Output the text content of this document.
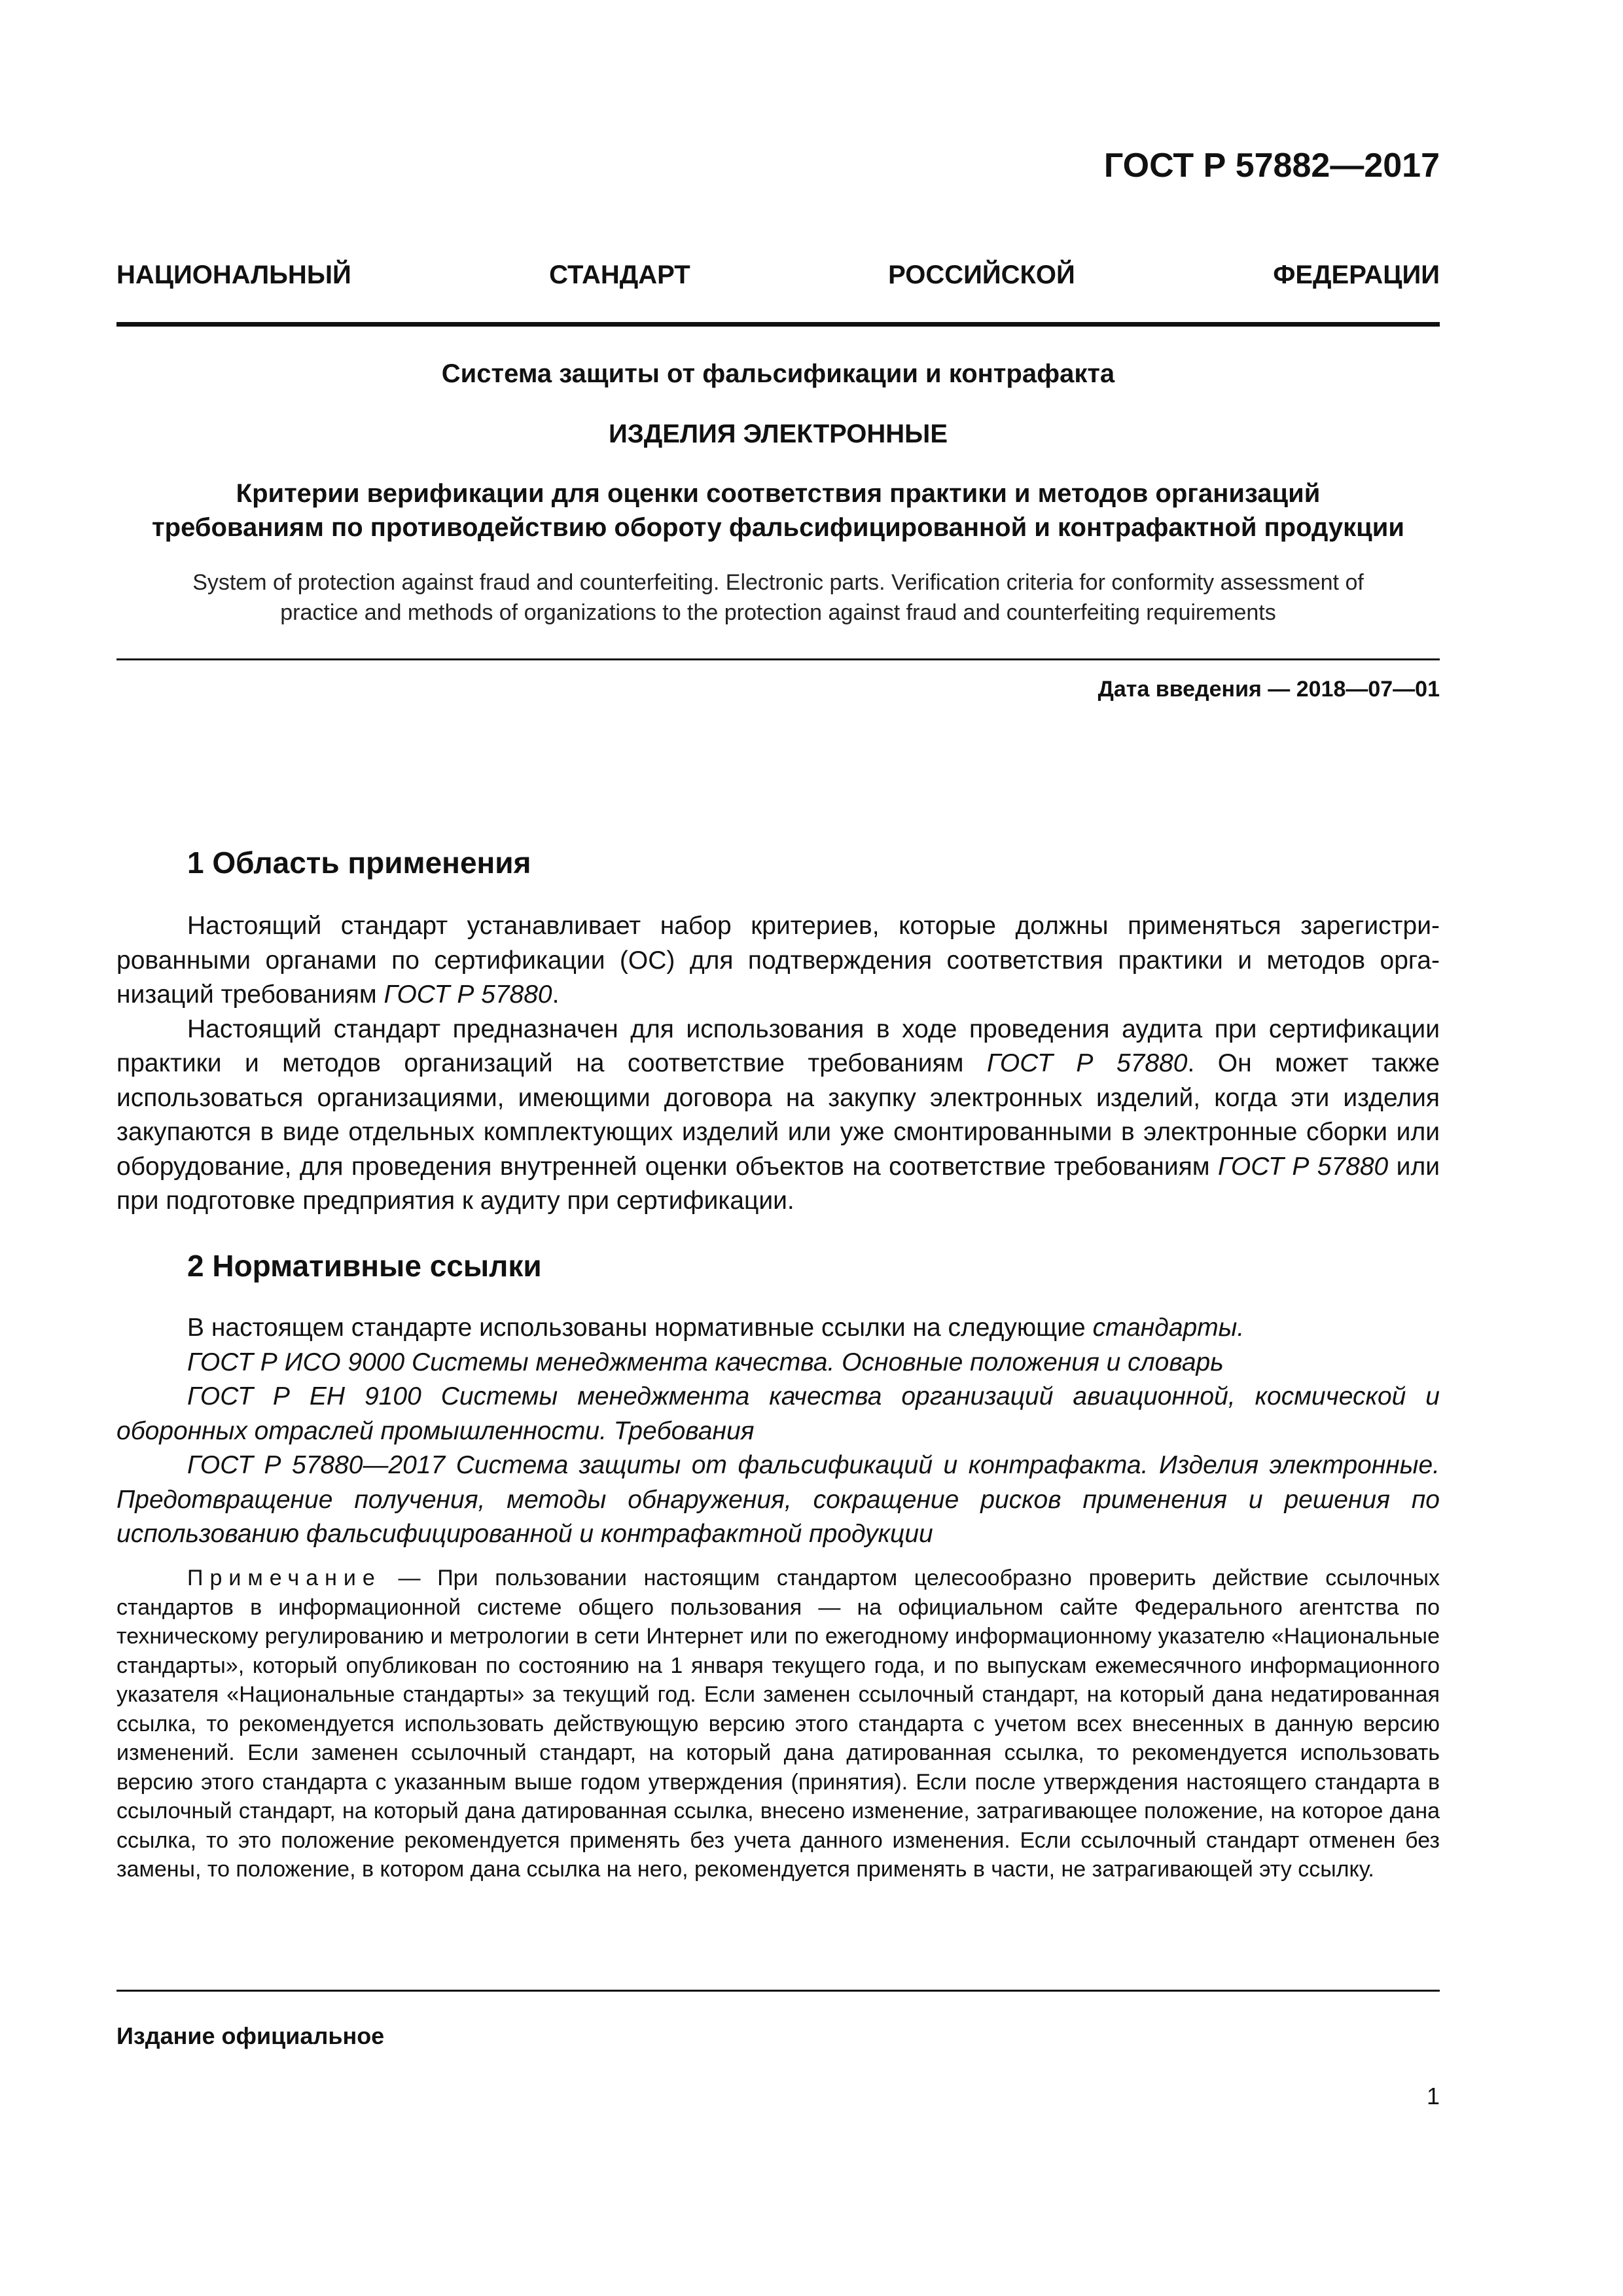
ГОСТ Р 57882—2017
НАЦИОНАЛЬНЫЙ	СТАНДАРТ	РОССИЙСКОЙ	ФЕДЕРАЦИИ
Система защиты от фальсификации и контрафакта
ИЗДЕЛИЯ ЭЛЕКТРОННЫЕ
Критерии верификации для оценки соответствия практики и методов организаций
требованиям по противодействию обороту фальсифицированной и контрафактной продукции
System of protection against fraud and counterfeiting. Electronic parts. Verification criteria for conformity assessment of
practice and methods of organizations to the protection against fraud and counterfeiting requirements
Дата введения — 2018—07—01
1 Область применения

Настоящий стандарт устанавливает набор критериев, которые должны применяться зарегистрированными органами по сертификации (ОС) для подтверждения соответствия практики и методов организаций требованиям ГОСТ Р 57880.

Настоящий стандарт предназначен для использования в ходе проведения аудита при сертификации практики и методов организаций на соответствие требованиям ГОСТ Р 57880. Он может также использоваться организациями, имеющими договора на закупку электронных изделий, когда эти изделия закупаются в виде отдельных комплектующих изделий или уже смонтированными в электронные сборки или оборудование, для проведения внутренней оценки объектов на соответствие требованиям ГОСТ Р 57880 или при подготовке предприятия к аудиту при сертификации.

2 Нормативные ссылки

В настоящем стандарте использованы нормативные ссылки на следующие стандарты.

ГОСТ Р ИСО 9000 Системы менеджмента качества. Основные положения и словарь

ГОСТ Р ЕН 9100 Системы менеджмента качества организаций авиационной, космической и оборонных отраслей промышленности. Требования

ГОСТ Р 57880—2017 Система защиты от фальсификаций и контрафакта. Изделия электронные. Предотвращение получения, методы обнаружения, сокращение рисков применения и решения по использованию фальсифицированной и контрафактной продукции

Примечание — При пользовании настоящим стандартом целесообразно проверить действие ссылочных стандартов в информационной системе общего пользования — на официальном сайте Федерального агентства по техническому регулированию и метрологии в сети Интернет или по ежегодному информационному указателю «Национальные стандарты», который опубликован по состоянию на 1 января текущего года, и по выпускам ежемесячного информационного указателя «Национальные стандарты» за текущий год. Если заменен ссылочный стандарт, на который дана недатированная ссылка, то рекомендуется использовать действующую версию этого стандарта с учетом всех внесенных в данную версию изменений. Если заменен ссылочный стандарт, на который дана датированная ссылка, то рекомендуется использовать версию этого стандарта с указанным выше годом утверждения (принятия). Если после утверждения настоящего стандарта в ссылочный стандарт, на который дана датированная ссылка, внесено изменение, затрагивающее положение, на которое дана ссылка, то это положение рекомендуется применять без учета данного изменения. Если ссылочный стандарт отменен без замены, то положение, в котором дана ссылка на него, рекомендуется применять в части, не затрагивающей эту ссылку.

Издание официальное
1
